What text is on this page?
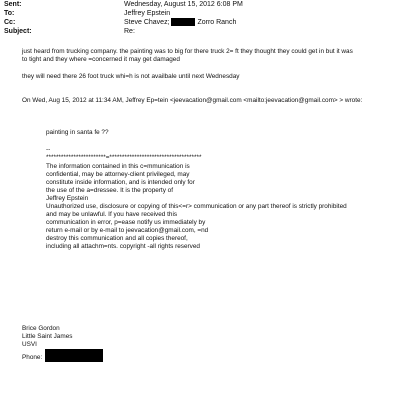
Sent:	Wednesday, August 15, 2012 6:08 PM
To:	Jeffrey Epstein
Cc:	Steve Chavez;	Zorro Ranch
Subject:	Re:
just heard from trucking company. the painting was to big for there truck 2= ft they thought they could get in but it was
to tight and they where =concerned it may get damaged
they will need there 26 foot truck whi=h is not availbale until next Wednesday
On Wed, Aug 15, 2012 at 11:34 AM, Jeffrey Ep=tein <jeevacation@gmail.com <mailto:jeevacation@gmail.com> > wrote:
painting in santa fe ??
--
************************=*************************************
The information contained in this c=mmunication is
confidential, may be attorney-client privileged, may
constitute inside information, and is intended only for
the use of the a=dressee. It is the property of
Jeffrey Epstein
Unauthorized use, disclosure or copying of this<=r> communication or any part thereof is strictly prohibited
and may be unlawful. If you have received this
communication in error, p=ease notify us immediately by
return e-mail or by e-mail to jeevacation@gmail.com, =nd
destroy this communication and all copies thereof,
including all attachm=nts. copyright -all rights reserved
Brice Gordon
Little Saint James
USVI
Phone:
